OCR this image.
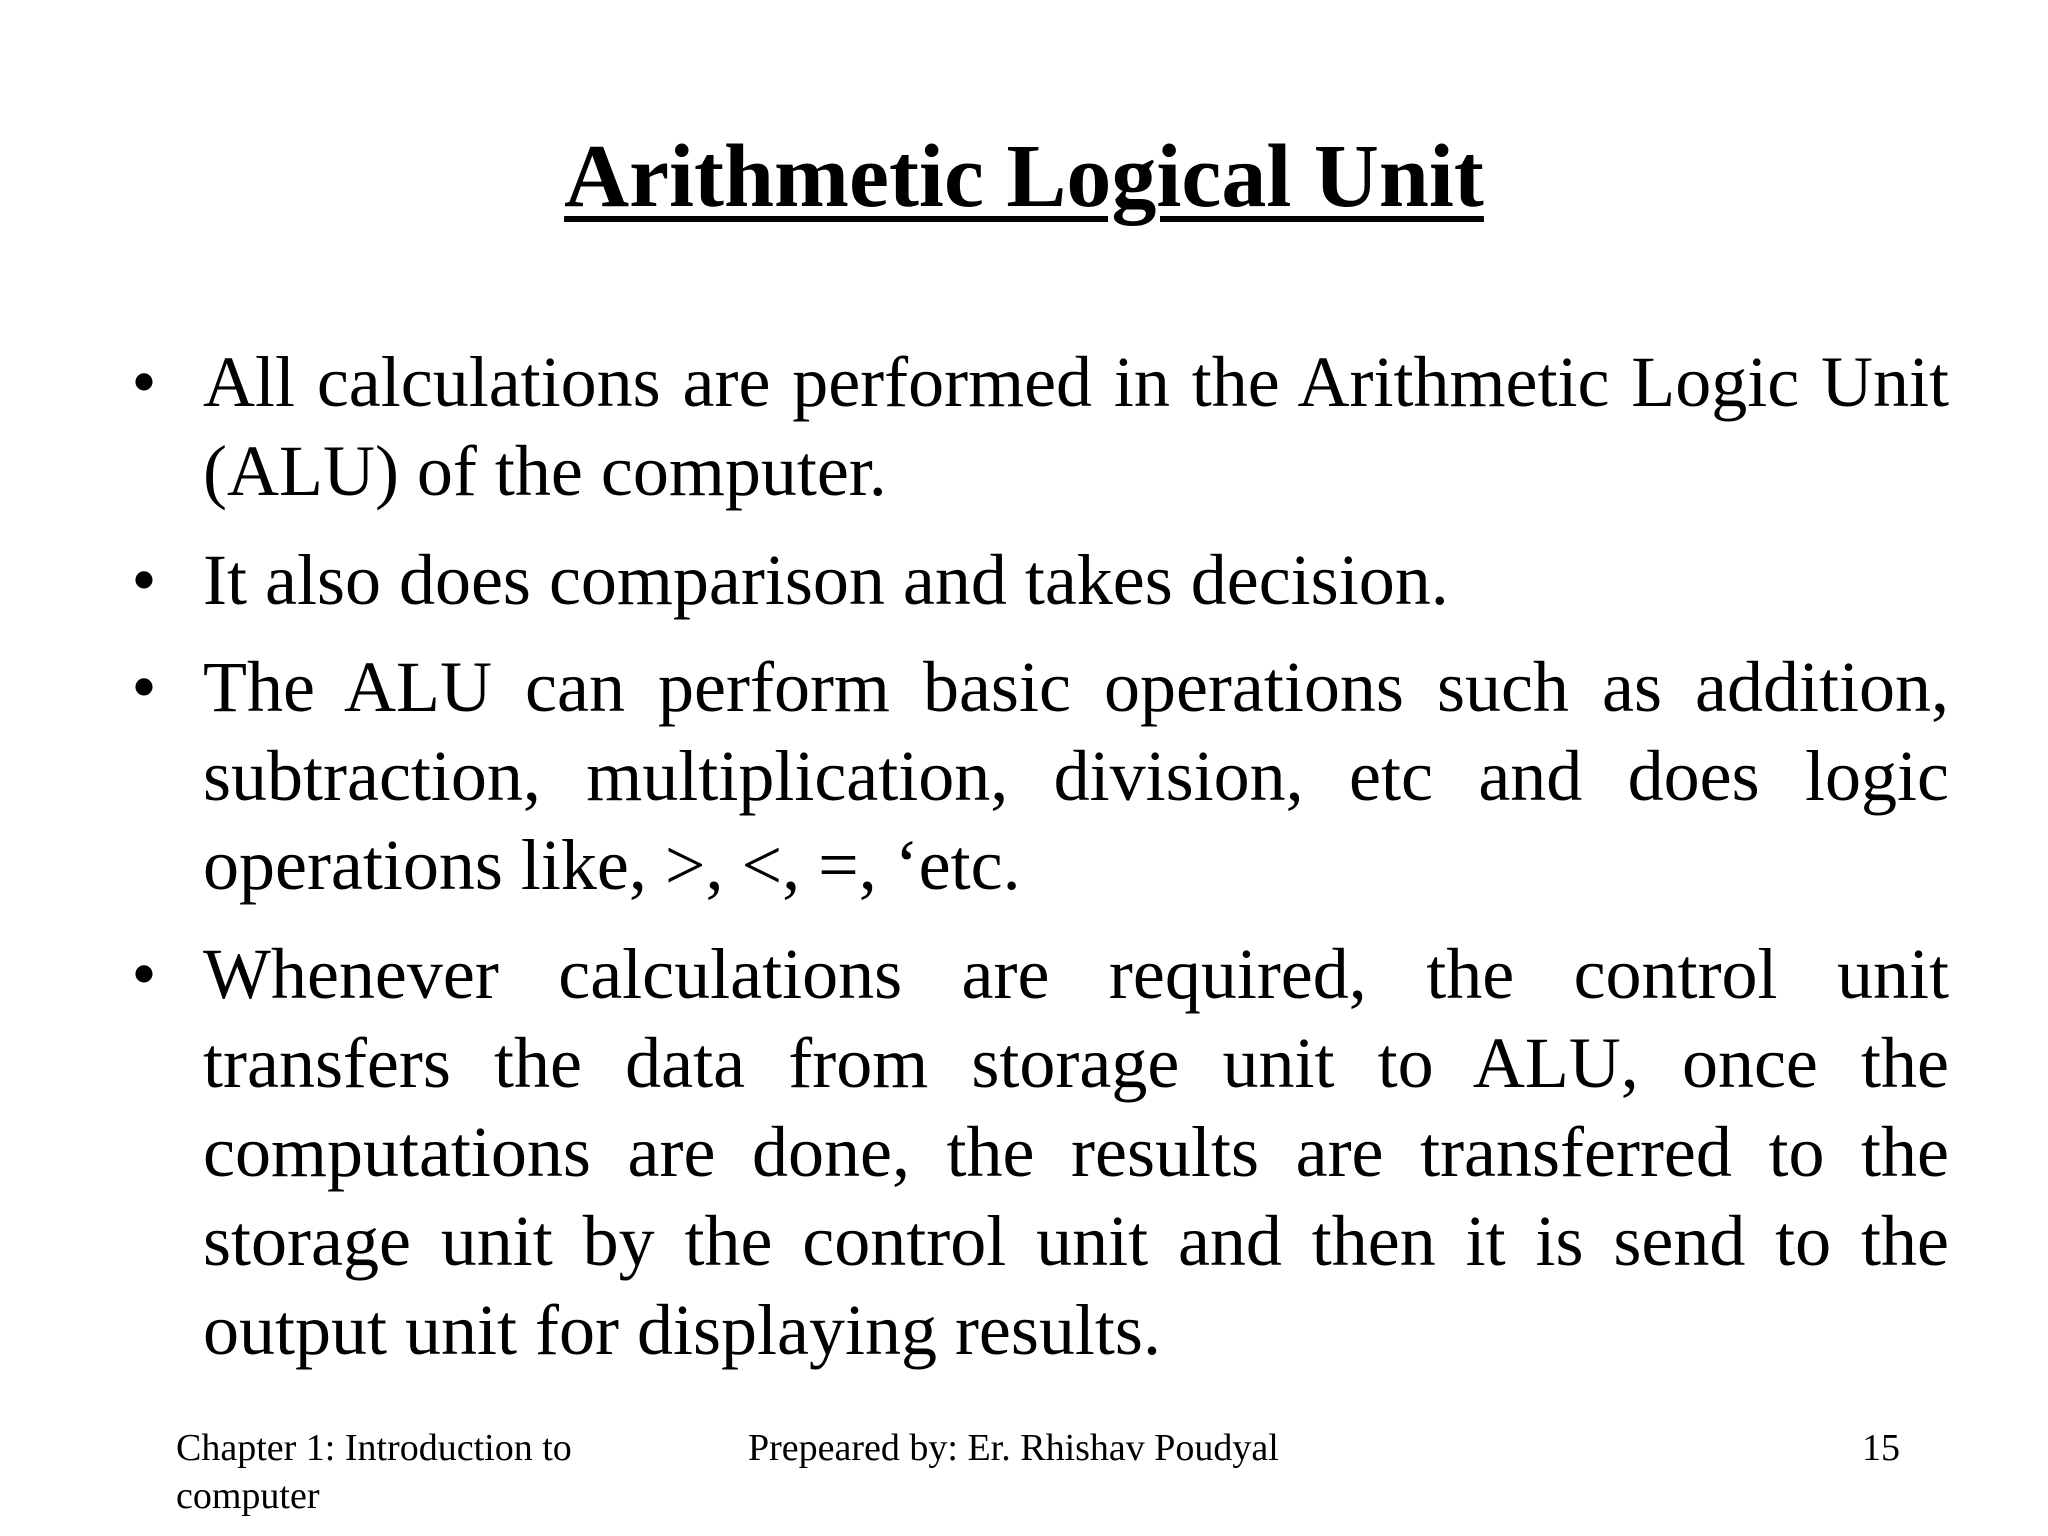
Arithmetic Logical Unit
• All calculations are performed in the Arithmetic Logic Unit (ALU) of the computer.
• It also does comparison and takes decision.
• The ALU can perform basic operations such as addition, subtraction, multiplication, division, etc and does logic operations like, >, <, =, ‘etc.
• Whenever calculations are required, the control unit transfers the data from storage unit to ALU, once the computations are done, the results are transferred to the storage unit by the control unit and then it is send to the output unit for displaying results.
Chapter 1: Introduction to computer
Prepeared by: Er. Rhishav Poudyal	15
